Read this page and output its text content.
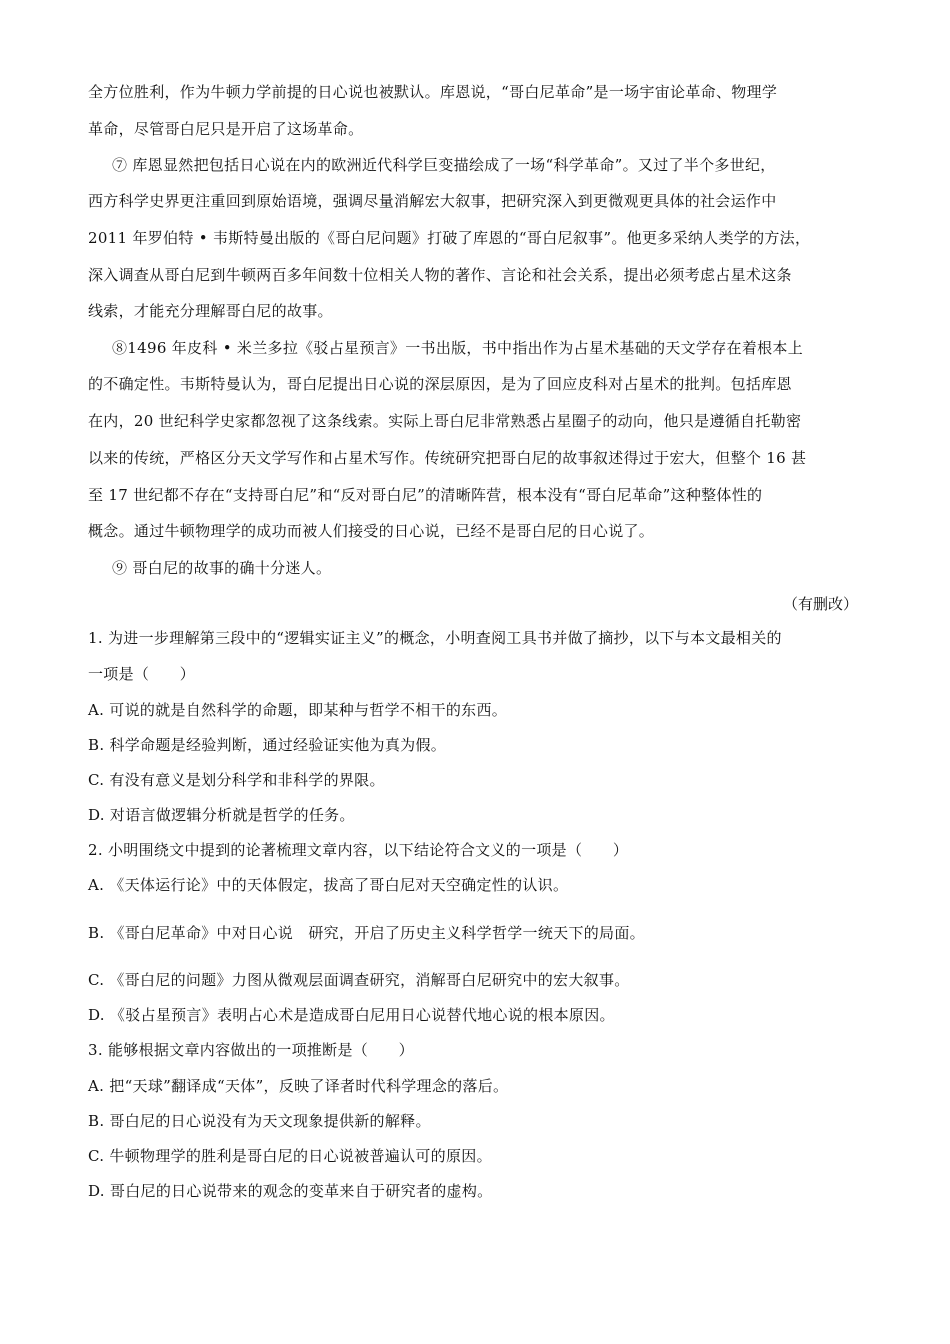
全方位胜利，作为牛顿力学前提的日心说也被默认。库恩说，“哥白尼革命”是一场宇宙论革命、物理学
革命，尽管哥白尼只是开启了这场革命。
⑦ 库恩显然把包括日心说在内的欧洲近代科学巨变描绘成了一场“科学革命”。又过了半个多世纪，
西方科学史界更注重回到原始语境，强调尽量消解宏大叙事，把研究深入到更微观更具体的社会运作中
2011 年罗伯特 • 韦斯特曼出版的《哥白尼问题》打破了库恩的“哥白尼叙事”。他更多采纳人类学的方法，
深入调查从哥白尼到牛顿两百多年间数十位相关人物的著作、言论和社会关系，提出必须考虑占星术这条
线索，才能充分理解哥白尼的故事。
⑧1496 年皮科 • 米兰多拉《驳占星预言》一书出版，书中指出作为占星术基础的天文学存在着根本上
的不确定性。韦斯特曼认为，哥白尼提出日心说的深层原因，是为了回应皮科对占星术的批判。包括库恩
在内，20 世纪科学史家都忽视了这条线索。实际上哥白尼非常熟悉占星圈子的动向，他只是遵循自托勒密
以来的传统，严格区分天文学写作和占星术写作。传统研究把哥白尼的故事叙述得过于宏大，但整个 16 甚
至 17 世纪都不存在“支持哥白尼”和“反对哥白尼”的清晰阵营，根本没有“哥白尼革命”这种整体性的
概念。通过牛顿物理学的成功而被人们接受的日心说，已经不是哥白尼的日心说了。
⑨ 哥白尼的故事的确十分迷人。
（有删改）
1. 为进一步理解第三段中的“逻辑实证主义”的概念，小明查阅工具书并做了摘抄，以下与本文最相关的
一项是（　　）
A. 可说的就是自然科学的命题，即某种与哲学不相干的东西。
B. 科学命题是经验判断，通过经验证实他为真为假。
C. 有没有意义是划分科学和非科学的界限。
D. 对语言做逻辑分析就是哲学的任务。
2. 小明围绕文中提到的论著梳理文章内容，以下结论符合文义的一项是（　　）
A. 《天体运行论》中的天体假定，拔高了哥白尼对天空确定性的认识。
B. 《哥白尼革命》中对日心说　研究，开启了历史主义科学哲学一统天下的局面。
C. 《哥白尼的问题》力图从微观层面调查研究，消解哥白尼研究中的宏大叙事。
D. 《驳占星预言》表明占心术是造成哥白尼用日心说替代地心说的根本原因。
3. 能够根据文章内容做出的一项推断是（　　）
A. 把“天球”翻译成“天体”，反映了译者时代科学理念的落后。
B. 哥白尼的日心说没有为天文现象提供新的解释。
C. 牛顿物理学的胜利是哥白尼的日心说被普遍认可的原因。
D. 哥白尼的日心说带来的观念的变革来自于研究者的虚构。
